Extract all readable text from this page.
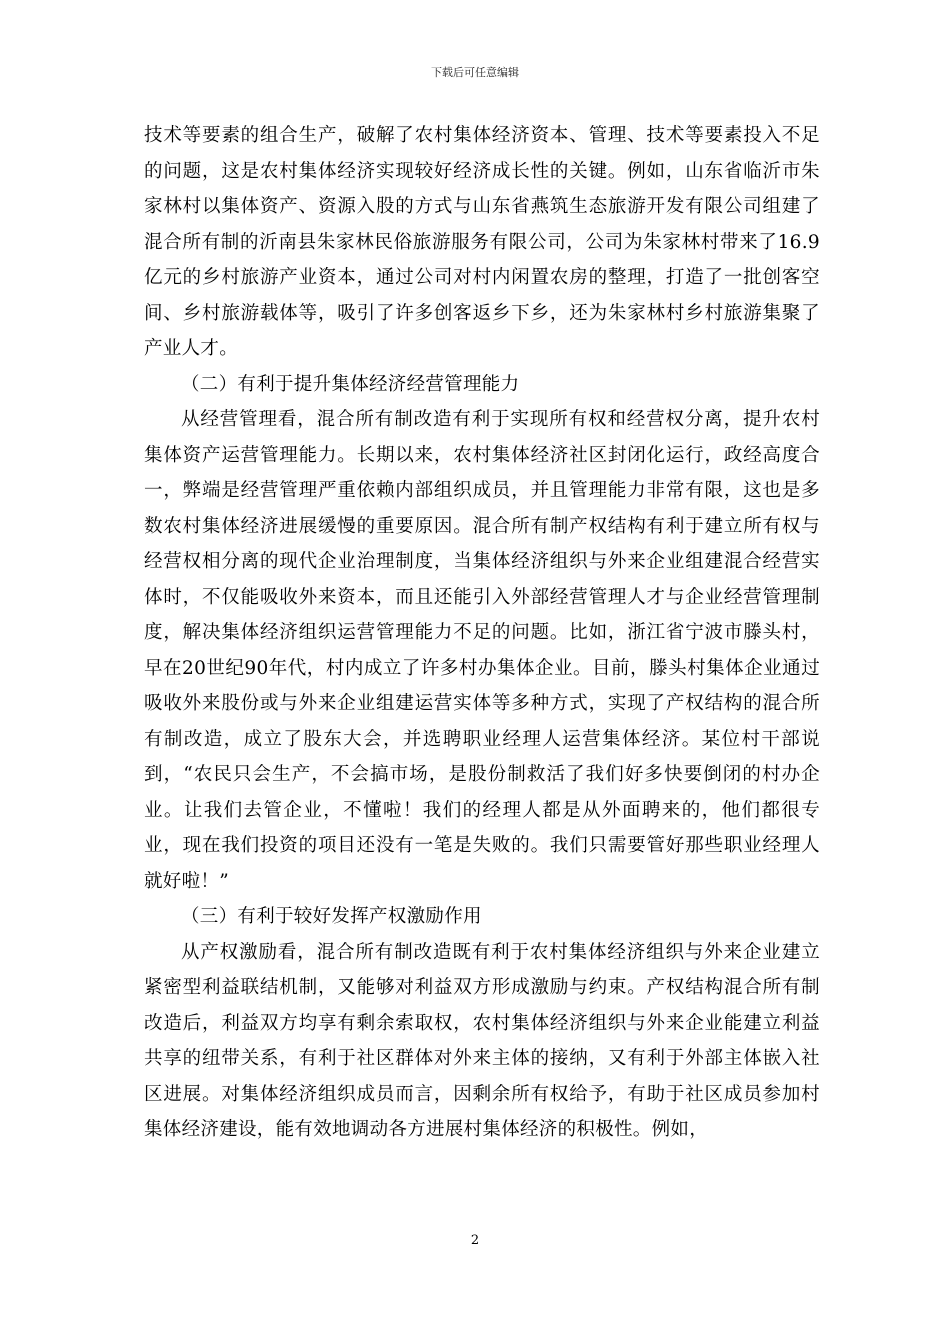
下载后可任意编辑

技术等要素的组合生产，破解了农村集体经济资本、管理、技术等要素投入不足的问题，这是农村集体经济实现较好经济成长性的关键。例如，山东省临沂市朱家林村以集体资产、资源入股的方式与山东省燕筑生态旅游开发有限公司组建了混合所有制的沂南县朱家林民俗旅游服务有限公司，公司为朱家林村带来了16.9亿元的乡村旅游产业资本，通过公司对村内闲置农房的整理，打造了一批创客空间、乡村旅游载体等，吸引了许多创客返乡下乡，还为朱家林村乡村旅游集聚了产业人才。

（二）有利于提升集体经济经营管理能力

从经营管理看，混合所有制改造有利于实现所有权和经营权分离，提升农村集体资产运营管理能力。长期以来，农村集体经济社区封闭化运行，政经高度合一，弊端是经营管理严重依赖内部组织成员，并且管理能力非常有限，这也是多数农村集体经济进展缓慢的重要原因。混合所有制产权结构有利于建立所有权与经营权相分离的现代企业治理制度，当集体经济组织与外来企业组建混合经营实体时，不仅能吸收外来资本，而且还能引入外部经营管理人才与企业经营管理制度，解决集体经济组织运营管理能力不足的问题。比如，浙江省宁波市滕头村，早在20世纪90年代，村内成立了许多村办集体企业。目前，滕头村集体企业通过吸收外来股份或与外来企业组建运营实体等多种方式，实现了产权结构的混合所有制改造，成立了股东大会，并选聘职业经理人运营集体经济。某位村干部说到，“农民只会生产，不会搞市场，是股份制救活了我们好多快要倒闭的村办企业。让我们去管企业，不懂啦！我们的经理人都是从外面聘来的，他们都很专业，现在我们投资的项目还没有一笔是失败的。我们只需要管好那些职业经理人就好啦！”

（三）有利于较好发挥产权激励作用

从产权激励看，混合所有制改造既有利于农村集体经济组织与外来企业建立紧密型利益联结机制，又能够对利益双方形成激励与约束。产权结构混合所有制改造后，利益双方均享有剩余索取权，农村集体经济组织与外来企业能建立利益共享的纽带关系，有利于社区群体对外来主体的接纳，又有利于外部主体嵌入社区进展。对集体经济组织成员而言，因剩余所有权给予，有助于社区成员参加村集体经济建设，能有效地调动各方进展村集体经济的积极性。例如，

2
